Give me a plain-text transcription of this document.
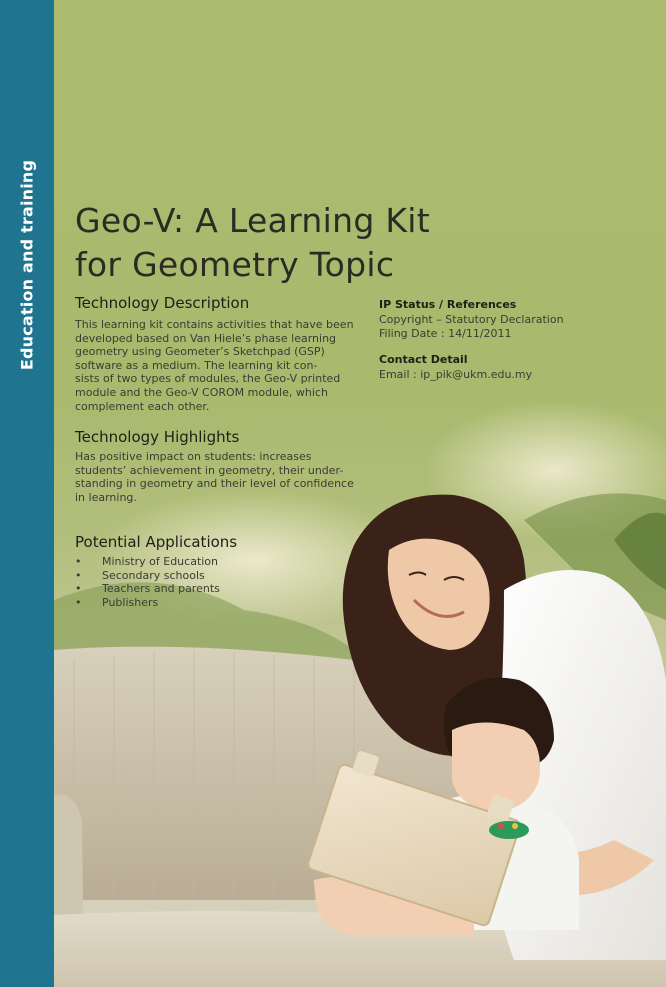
Education and training Geo-V: A Learning Kit
for Geometry Topic
Technology Description

This learning kit contains activities that have been
developed based on Van Hiele’s phase learning
geometry using Geometer’s Sketchpad (GSP)
software as a medium. The learning kit con-
sists of two types of modules, the Geo-V printed
module and the Geo-V COROM module, which
complement each other.

Technology Highlights

Has positive impact on students: increases
students’ achievement in geometry, their under-
standing in geometry and their level of confidence
in learning.

Potential Applications
• Ministry of Education
• Secondary schools
• Teachers and parents
• Publishers
IP Status / References

Copyright – Statutory Declaration
Filing Date : 14/11/2011

Contact Detail

Email : ip_pik@ukm.edu.my
